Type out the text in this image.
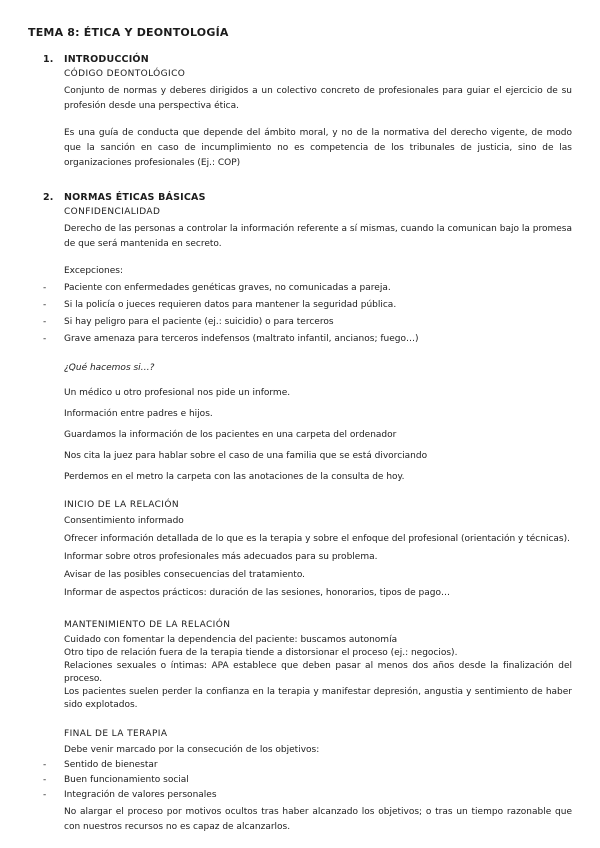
TEMA 8: ÉTICA Y DEONTOLOGÍA
1.	INTRODUCCIÓN
CÓDIGO DEONTOLÓGICO

Conjunto de normas y deberes dirigidos a un colectivo concreto de profesionales para guiar el ejercicio de su profesión desde una perspectiva ética.

Es una guía de conducta que depende del ámbito moral, y no de la normativa del derecho vigente, de modo que la sanción en caso de incumplimiento no es competencia de los tribunales de justicia, sino de las organizaciones profesionales (Ej.: COP)

2.	NORMAS ÉTICAS BÁSICAS
CONFIDENCIALIDAD

Derecho de las personas a controlar la información referente a sí mismas, cuando la comunican bajo la promesa de que será mantenida en secreto.

Excepciones:
-	Paciente con enfermedades genéticas graves, no comunicadas a pareja.
-	Si la policía o jueces requieren datos para mantener la seguridad pública.
-	Si hay peligro para el paciente (ej.: suicidio) o para terceros
-	Grave amenaza para terceros indefensos (maltrato infantil, ancianos; fuego…)
¿Qué hacemos si…?
Un médico u otro profesional nos pide un informe.
Información entre padres e hijos.
Guardamos la información de los pacientes en una carpeta del ordenador
Nos cita la juez para hablar sobre el caso de una familia que se está divorciando
Perdemos en el metro la carpeta con las anotaciones de la consulta de hoy.
INICIO DE LA RELACIÓN
Consentimiento informado
Ofrecer información detallada de lo que es la terapia y sobre el enfoque del profesional (orientación y técnicas).
Informar sobre otros profesionales más adecuados para su problema.
Avisar de las posibles consecuencias del tratamiento.
Informar de aspectos prácticos: duración de las sesiones, honorarios, tipos de pago…
MANTENIMIENTO DE LA RELACIÓN

Cuidado con fomentar la dependencia del paciente: buscamos autonomía

Otro tipo de relación fuera de la terapia tiende a distorsionar el proceso (ej.: negocios).

Relaciones sexuales o íntimas: APA establece que deben pasar al menos dos años desde la finalización del proceso.

Los pacientes suelen perder la confianza en la terapia y manifestar depresión, angustia y sentimiento de haber sido explotados.

FINAL DE LA TERAPIA
Debe venir marcado por la consecución de los objetivos:
-	Sentido de bienestar
-	Buen funcionamiento social
-	Integración de valores personales

No alargar el proceso por motivos ocultos tras haber alcanzado los objetivos; o tras un tiempo razonable que con nuestros recursos no es capaz de alcanzarlos.
